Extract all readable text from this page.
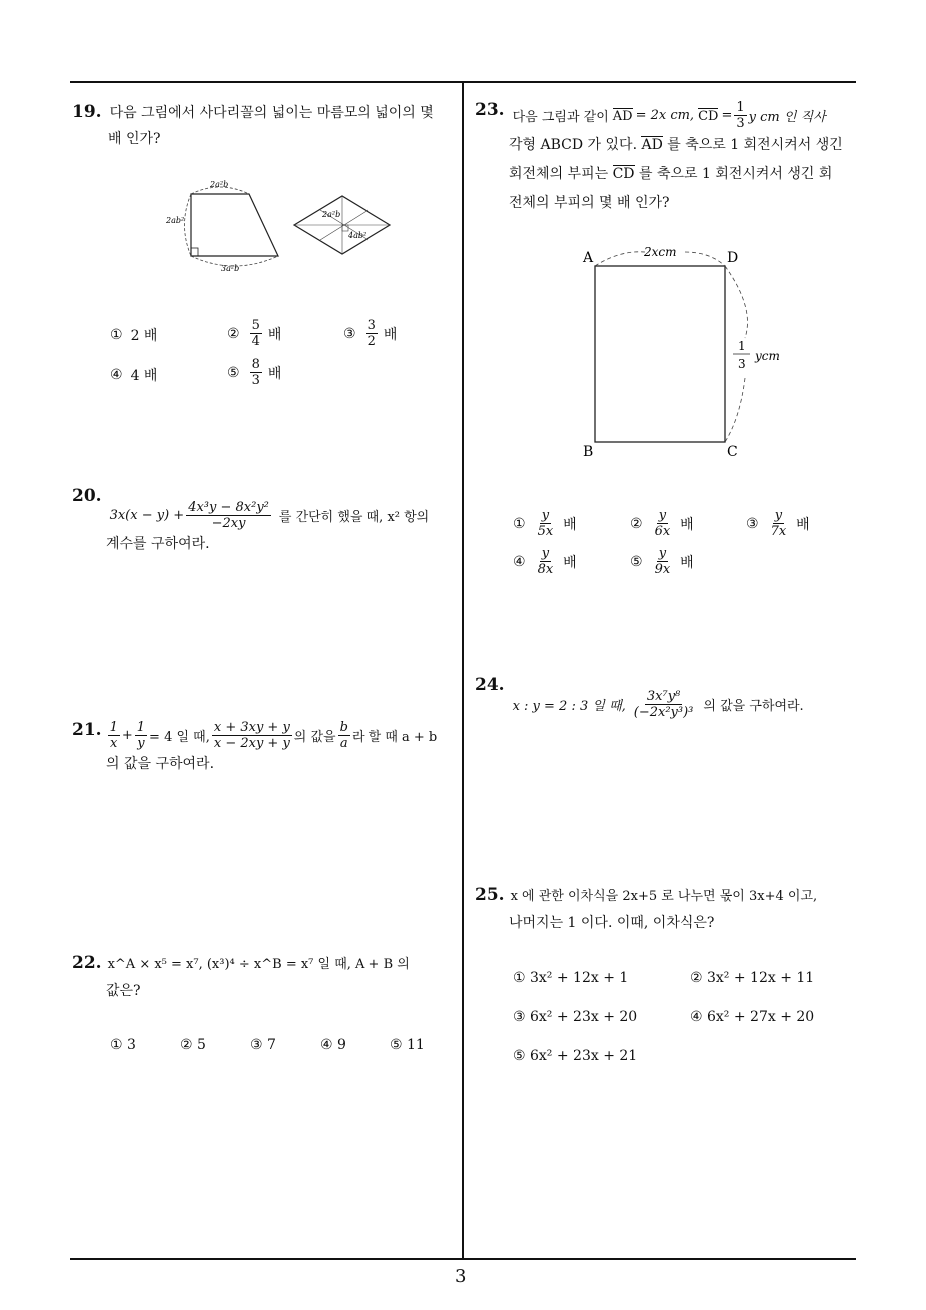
19. 다음 그림에서 사다리꼴의 넓이는 마름모의 넓이의 몇
배 인가?
2a²b
2ab²
3a²b
2a²b
4ab²
① 2 배	② $\frac{5}{4}$ 배	③ $\frac{3}{2}$ 배
④ 4 배	⑤ $\frac{8}{3}$ 배
20.
$3x(x - y) + \frac{\text{4x³y − 8x²y²}}{-2xy}$ 를 간단히 했을 때, x² 항의
계수를 구하여라.
21. $\frac{1}{x} + \frac{1}{y} = 4$ 일 때, $\frac{x + 3xy + y}{x - 2xy + y}$ 의 값을 $\frac{b}{a}$ 라 할 때 a + b
의 값을 구하여라.
22. x^A × x⁵ = x⁷, (x³)⁴ ÷ x^B = x⁷ 일 때, A + B 의
값은?
① 3	② 5	③ 7	④ 9	⑤ 11
23. 다음 그림과 같이 AD = 2x cm, CD = $\frac{1}{3}$ y cm 인 직사
각형 ABCD 가 있다. AD 를 축으로 1 회전시켜서 생긴
회전체의 부피는 CD 를 축으로 1 회전시켜서 생긴 회
전체의 부피의 몇 배 인가?
A	D
B	C
2xcm
1
3
ycm
① $\frac{y}{5x}$ 배	② $\frac{y}{6x}$ 배	③ $\frac{y}{7x}$ 배
④ $\frac{y}{8x}$ 배	⑤ $\frac{y}{9x}$ 배
24.
x : y = 2 : 3 일 때, $\frac{\text{3x⁷y⁸}}{\text{(−2x²y³)³}}$ 의 값을 구하여라.
25. x 에 관한 이차식을 2x+5 로 나누면 몫이 3x+4 이고,
나머지는 1 이다. 이때, 이차식은?
① 3x² + 12x + 1	② 3x² + 12x + 11
③ 6x² + 23x + 20	④ 6x² + 27x + 20
⑤ 6x² + 23x + 21
3
